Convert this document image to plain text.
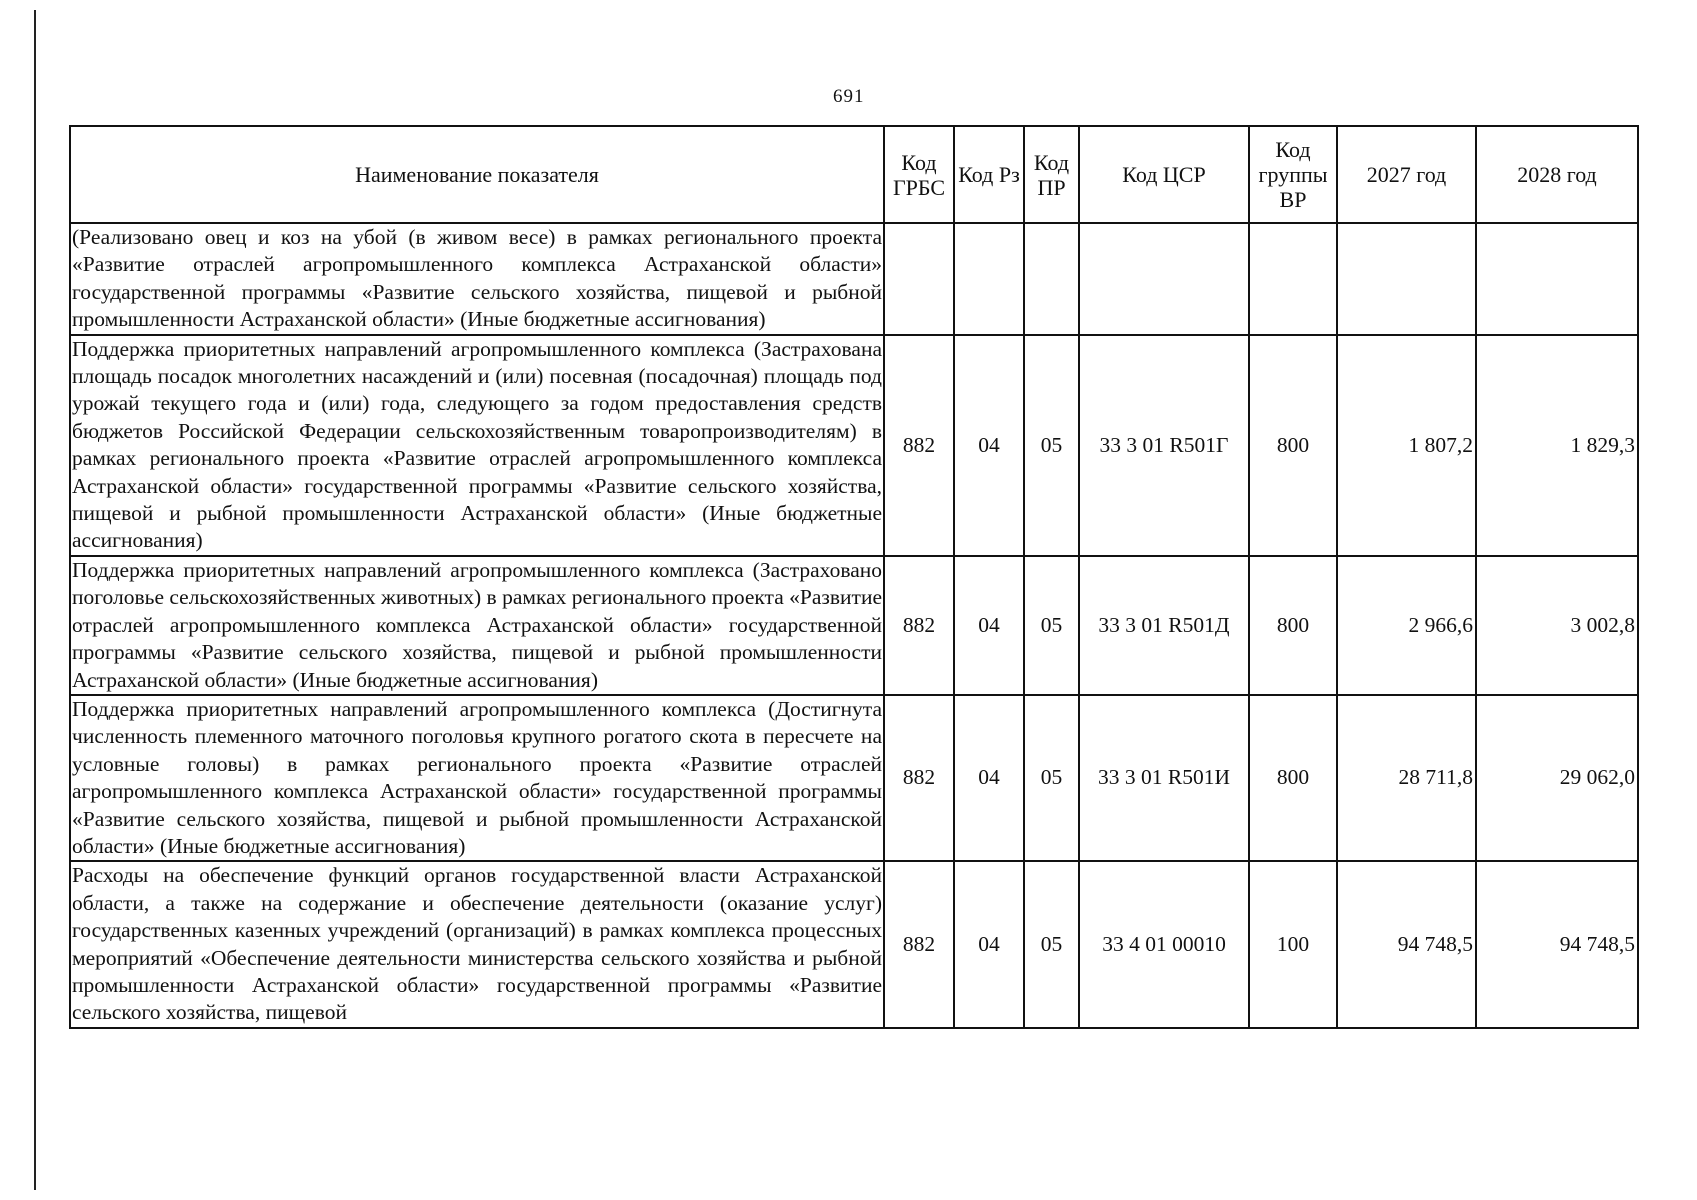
691
Наименование показателя	Код ГРБС	Код Рз	Код ПР	Код ЦСР	Код группы ВР	2027 год	2028 год
(Реализовано овец и коз на убой (в живом весе) в рамках регионального проекта «Развитие отраслей агропромышленного комплекса Астраханской области» государственной программы «Развитие сельского хозяйства, пищевой и рыбной промышленности Астраханской области» (Иные бюджетные ассигнования)							
Поддержка приоритетных направлений агропромышленного комплекса (Застрахована площадь посадок многолетних насаждений и (или) посевная (посадочная) площадь под урожай текущего года и (или) года, следующего за годом предоставления средств бюджетов Российской Федерации сельскохозяйственным товаропроизводителям) в рамках регионального проекта «Развитие отраслей агропромышленного комплекса Астраханской области» государственной программы «Развитие сельского хозяйства, пищевой и рыбной промышленности Астраханской области» (Иные бюджетные ассигнования)	882	04	05	33 3 01 R501Г	800	1 807,2	1 829,3
Поддержка приоритетных направлений агропромышленного комплекса (Застраховано поголовье сельскохозяйственных животных) в рамках регионального проекта «Развитие отраслей агропромышленного комплекса Астраханской области» государственной программы «Развитие сельского хозяйства, пищевой и рыбной промышленности Астраханской области» (Иные бюджетные ассигнования)	882	04	05	33 3 01 R501Д	800	2 966,6	3 002,8
Поддержка приоритетных направлений агропромышленного комплекса (Достигнута численность племенного маточного поголовья крупного рогатого скота в пересчете на условные головы) в рамках регионального проекта «Развитие отраслей агропромышленного комплекса Астраханской области» государственной программы «Развитие сельского хозяйства, пищевой и рыбной промышленности Астраханской области» (Иные бюджетные ассигнования)	882	04	05	33 3 01 R501И	800	28 711,8	29 062,0
Расходы на обеспечение функций органов государственной власти Астраханской области, а также на содержание и обеспечение деятельности (оказание услуг) государственных казенных учреждений (организаций) в рамках комплекса процессных мероприятий «Обеспечение деятельности министерства сельского хозяйства и рыбной промышленности Астраханской области» государственной программы «Развитие сельского хозяйства, пищевой	882	04	05	33 4 01 00010	100	94 748,5	94 748,5
